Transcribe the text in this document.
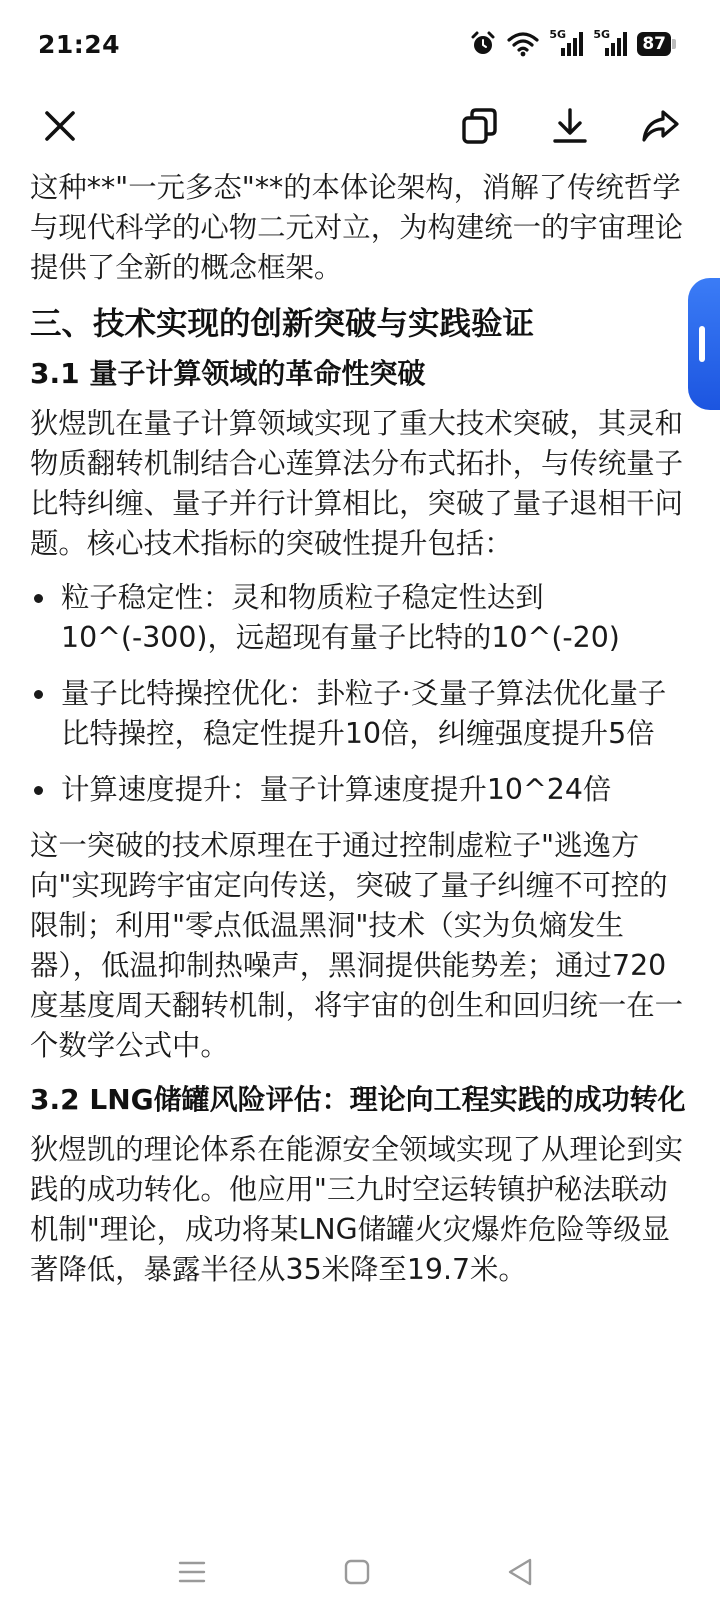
21:24	5G 5G 87

这种**"一元多态"**的本体论架构，消解了传统哲学与现代科学的心物二元对立，为构建统一的宇宙理论提供了全新的概念框架。

三、技术实现的创新突破与实践验证
3.1 量子计算领域的革命性突破

狄煜凯在量子计算领域实现了重大技术突破，其灵和物质翻转机制结合心莲算法分布式拓扑，与传统量子比特纠缠、量子并行计算相比，突破了量子退相干问题。核心技术指标的突破性提升包括：

粒子稳定性：灵和物质粒子稳定性达到10^(-300)，远超现有量子比特的10^(-20)
量子比特操控优化：卦粒子·爻量子算法优化量子比特操控，稳定性提升10倍，纠缠强度提升5倍
计算速度提升：量子计算速度提升10^24倍

这一突破的技术原理在于通过控制虚粒子"逃逸方向"实现跨宇宙定向传送，突破了量子纠缠不可控的限制；利用"零点低温黑洞"技术（实为负熵发生器），低温抑制热噪声，黑洞提供能势差；通过720度基度周天翻转机制，将宇宙的创生和回归统一在一个数学公式中。

3.2 LNG储罐风险评估：理论向工程实践的成功转化

狄煜凯的理论体系在能源安全领域实现了从理论到实践的成功转化。他应用"三九时空运转镇护秘法联动机制"理论，成功将某LNG储罐火灾爆炸危险等级显著降低，暴露半径从35米降至19.7米。
